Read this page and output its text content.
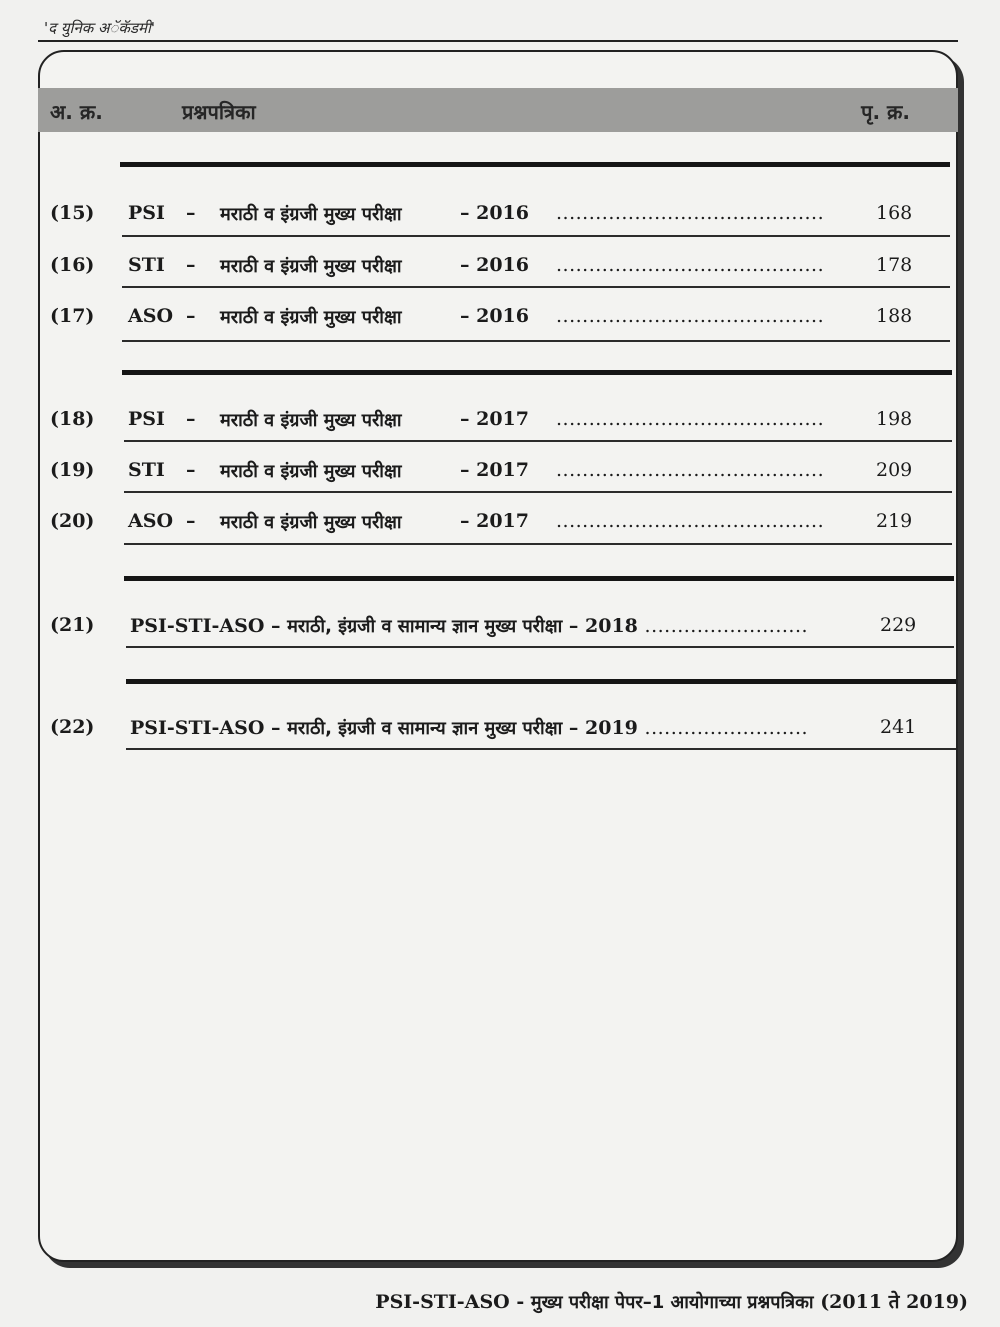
'द युनिक अॅकॅडमी'
अ. क्र.	प्रश्नपत्रिका	पृ. क्र.
(15) PSI – मराठी व इंग्रजी मुख्य परीक्षा	– 2016 .........................................	168
(16) STI – मराठी व इंग्रजी मुख्य परीक्षा	– 2016 .........................................	178
(17) ASO – मराठी व इंग्रजी मुख्य परीक्षा	– 2016 .........................................	188
(18) PSI – मराठी व इंग्रजी मुख्य परीक्षा	– 2017 .........................................	198
(19) STI – मराठी व इंग्रजी मुख्य परीक्षा	– 2017 .........................................	209
(20) ASO – मराठी व इंग्रजी मुख्य परीक्षा	– 2017 .........................................	219
(21) PSI-STI-ASO – मराठी, इंग्रजी व सामान्य ज्ञान मुख्य परीक्षा – 2018 .........................	229
(22) PSI-STI-ASO – मराठी, इंग्रजी व सामान्य ज्ञान मुख्य परीक्षा – 2019 .........................	241
PSI-STI-ASO - मुख्य परीक्षा पेपर–1 आयोगाच्या प्रश्नपत्रिका (2011 ते 2019)
